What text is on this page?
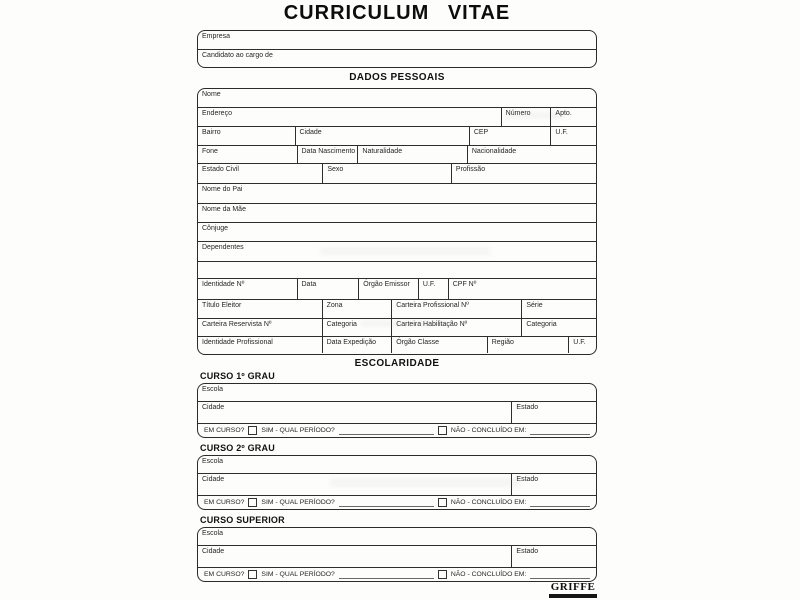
CURRICULUM VITAE
Empresa
Candidato ao cargo de
DADOS PESSOAIS
Nome
Endereço	Número	Apto.
Bairro	Cidade	CEP	U.F.
Fone	Data Nascimento	Naturalidade	Nacionalidade
Estado Civil	Sexo	Profissão
Nome do Pai
Nome da Mãe
Cônjuge
Dependentes
Identidade Nº	Data	Órgão Emissor	U.F.	CPF Nº
Título Eleitor	Zona	Carteira Profissional Nº	Série
Carteira Reservista Nº	Categoria	Carteira Habilitação Nº	Categoria
Identidade Profissional	Data Expedição	Órgão Classe	Região	U.F.
ESCOLARIDADE
CURSO 1º GRAU
Escola
Cidade	Estado
EM CURSO?	SIM - QUAL PERÍODO?	NÃO - CONCLUÍDO EM:
CURSO 2º GRAU
Escola
Cidade	Estado
EM CURSO?	SIM - QUAL PERÍODO?	NÃO - CONCLUÍDO EM:
CURSO SUPERIOR
Escola
Cidade	Estado
EM CURSO?	SIM - QUAL PERÍODO?	NÃO - CONCLUÍDO EM:
GRIFFE
